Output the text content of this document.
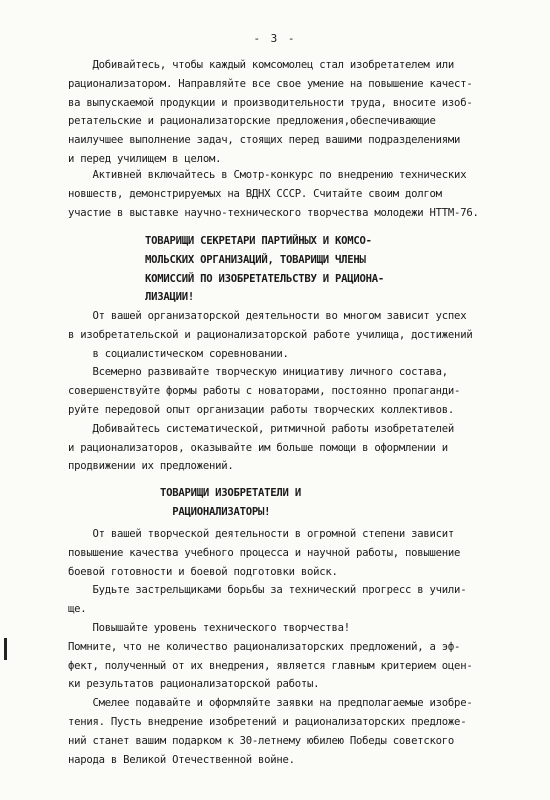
- 3 -
Добивайтесь, чтобы каждый комсомолец стал изобретателем или
рационализатором. Направляйте все свое умение на повышение качест-
ва выпускаемой продукции и производительности труда, вносите изоб-
ретательские и рационализаторские предложения,обеспечивающие
наилучшее выполнение задач, стоящих перед вашими подразделениями
и перед училищем в целом.
Активней включайтесь в Смотр-конкурс по внедрению технических
новшеств, демонстрируемых на ВДНХ СССР. Считайте своим долгом
участие в выставке научно-технического творчества молодежи НТТМ-76.
ТОВАРИЩИ СЕКРЕТАРИ ПАРТИЙНЫХ И КОМСО-
МОЛЬСКИХ ОРГАНИЗАЦИЙ, ТОВАРИЩИ ЧЛЕНЫ
КОМИССИЙ ПО ИЗОБРЕТАТЕЛЬСТВУ И РАЦИОНА-
ЛИЗАЦИИ!
От вашей организаторской деятельности во многом зависит успех
в изобретательской и рационализаторской работе училища, достижений
в социалистическом соревновании.
Всемерно развивайте творческую инициативу личного состава,
совершенствуйте формы работы с новаторами, постоянно пропаганди-
руйте передовой опыт организации работы творческих коллективов.
Добивайтесь систематической, ритмичной работы изобретателей
и рационализаторов, оказывайте им больше помощи в оформлении и
продвижении их предложений.
ТОВАРИЩИ ИЗОБРЕТАТЕЛИ И
РАЦИОНАЛИЗАТОРЫ!
От вашей творческой деятельности в огромной степени зависит
повышение качества учебного процесса и научной работы, повышение
боевой готовности и боевой подготовки войск.
Будьте застрельщиками борьбы за технический прогресс в учили-
ще.
Повышайте уровень технического творчества!
Помните, что не количество рационализаторских предложений, а эф-
фект, полученный от их внедрения, является главным критерием оцен-
ки результатов рационализаторской работы.
Смелее подавайте и оформляйте заявки на предполагаемые изобре-
тения. Пусть внедрение изобретений и рационализаторских предложе-
ний станет вашим подарком к 30-летнему юбилею Победы советского
народа в Великой Отечественной войне.
